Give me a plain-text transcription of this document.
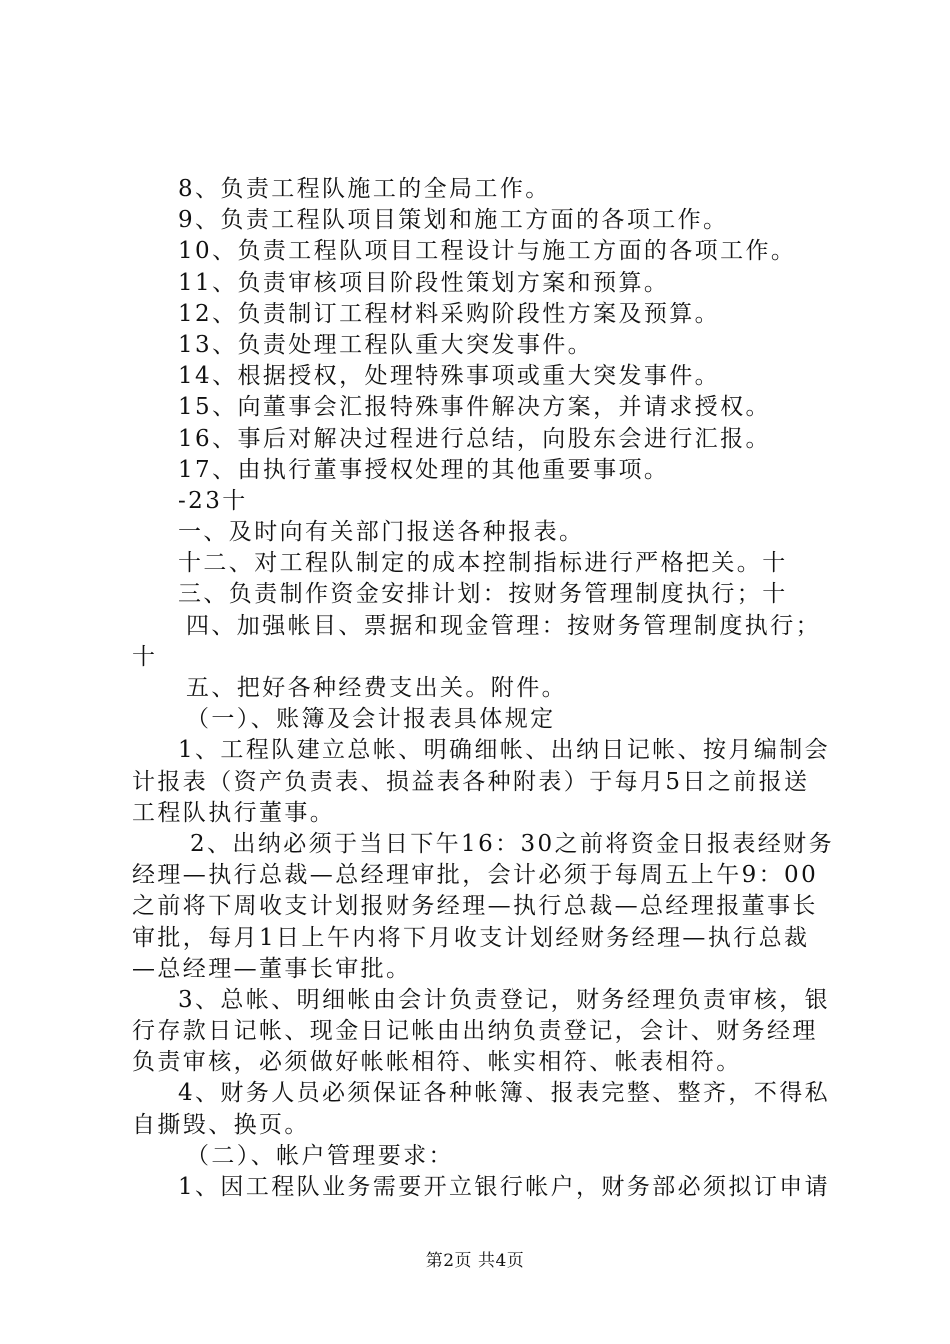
8、负责工程队施工的全局工作。
9、负责工程队项目策划和施工方面的各项工作。
10、负责工程队项目工程设计与施工方面的各项工作。
11、负责审核项目阶段性策划方案和预算。
12、负责制订工程材料采购阶段性方案及预算。
13、负责处理工程队重大突发事件。
14、根据授权，处理特殊事项或重大突发事件。
15、向董事会汇报特殊事件解决方案，并请求授权。
16、事后对解决过程进行总结，向股东会进行汇报。
17、由执行董事授权处理的其他重要事项。
-23十
一、及时向有关部门报送各种报表。
十二、对工程队制定的成本控制指标进行严格把关。十
三、负责制作资金安排计划：按财务管理制度执行；十
四、加强帐目、票据和现金管理：按财务管理制度执行；
十
五、把好各种经费支出关。附件。
（一）、账簿及会计报表具体规定
1、工程队建立总帐、明确细帐、出纳日记帐、按月编制会
计报表（资产负责表、损益表各种附表）于每月5日之前报送
工程队执行董事。
2、出纳必须于当日下午16：30之前将资金日报表经财务
经理—执行总裁—总经理审批，会计必须于每周五上午9：00
之前将下周收支计划报财务经理—执行总裁—总经理报董事长
审批，每月1日上午内将下月收支计划经财务经理—执行总裁
—总经理—董事长审批。
3、总帐、明细帐由会计负责登记，财务经理负责审核，银
行存款日记帐、现金日记帐由出纳负责登记，会计、财务经理
负责审核，必须做好帐帐相符、帐实相符、帐表相符。
4、财务人员必须保证各种帐簿、报表完整、整齐，不得私
自撕毁、换页。
（二）、帐户管理要求：
1、因工程队业务需要开立银行帐户，财务部必须拟订申请
第2页 共4页
